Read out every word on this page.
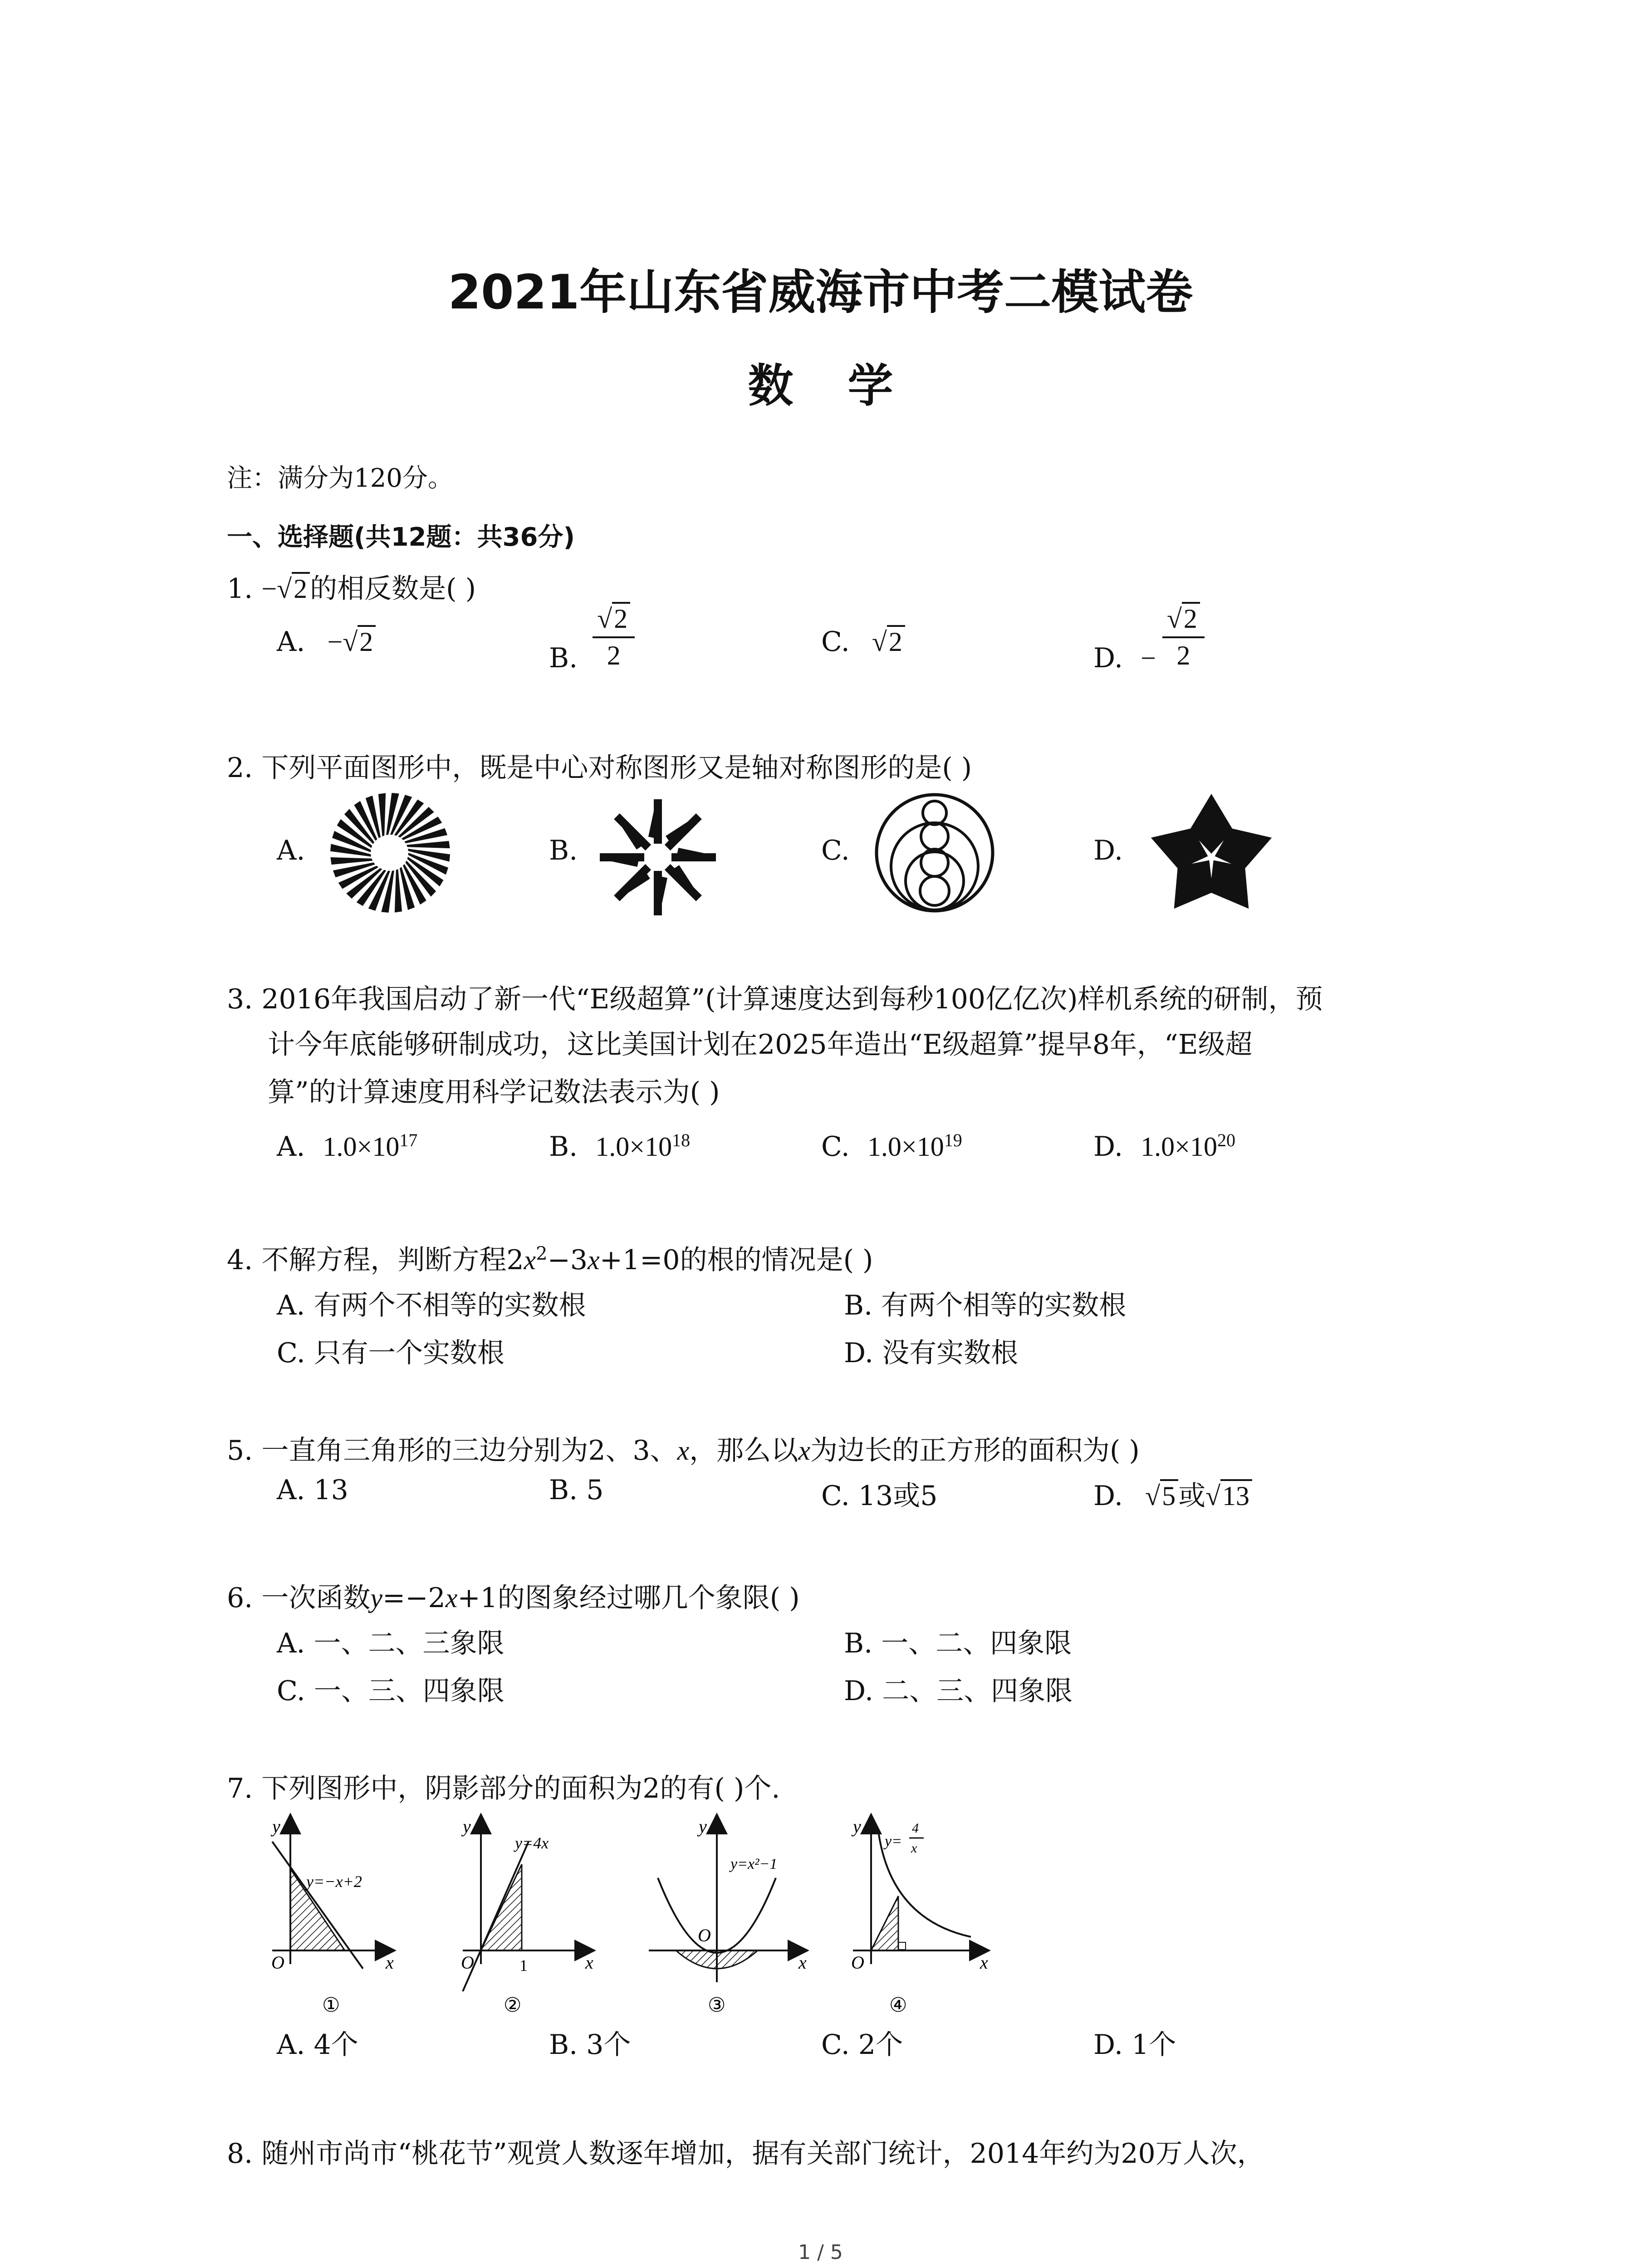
2021年山东省威海市中考二模试卷
数学
注：满分为120分。
一、选择题(共12题：共36分)
1. −√2 的相反数是( )
A. −√2
B. $\frac{√2}{2}$	C. √2
D. − $\frac{√2}{2}$
2. 下列平面图形中，既是中心对称图形又是轴对称图形的是( )
A.	B.	C.	D.
3. 2016年我国启动了新一代“E级超算”(计算速度达到每秒100亿亿次)样机系统的研制，预
计今年底能够研制成功，这比美国计划在2025年造出“E级超算”提早8年，“E级超
算”的计算速度用科学记数法表示为( )
A. $1.0\times 10^{17}$	B. $1.0\times 10^{18}$	C. $1.0\times 10^{19}$	D. $1.0\times 10^{20}$
4. 不解方程，判断方程$2x^2-3x+1=0$的根的情况是( )
A. 有两个不相等的实数根	B. 有两个相等的实数根
C. 只有一个实数根	D. 没有实数根
5. 一直角三角形的三边分别为2、3、x，那么以x为边长的正方形的面积为( )
A. 13	B. 5	C. 13或5	D. √5 或√13
6. 一次函数y=−2x+1的图象经过哪几个象限( )
A. 一、二、三象限	B. 一、二、四象限
C. 一、三、四象限	D. 二、三、四象限
7. 下列图形中，阴影部分的面积为2的有( )个.
y
x
O
y=−x+2
①
y
x
O	1
y=4x
②
y
x
O
y=x²−1
③
y
x
O
y=
4
x
④
A. 4个	B. 3个	C. 2个	D. 1个
8. 随州市尚市“桃花节”观赏人数逐年增加，据有关部门统计，2014年约为20万人次，
1 / 5
